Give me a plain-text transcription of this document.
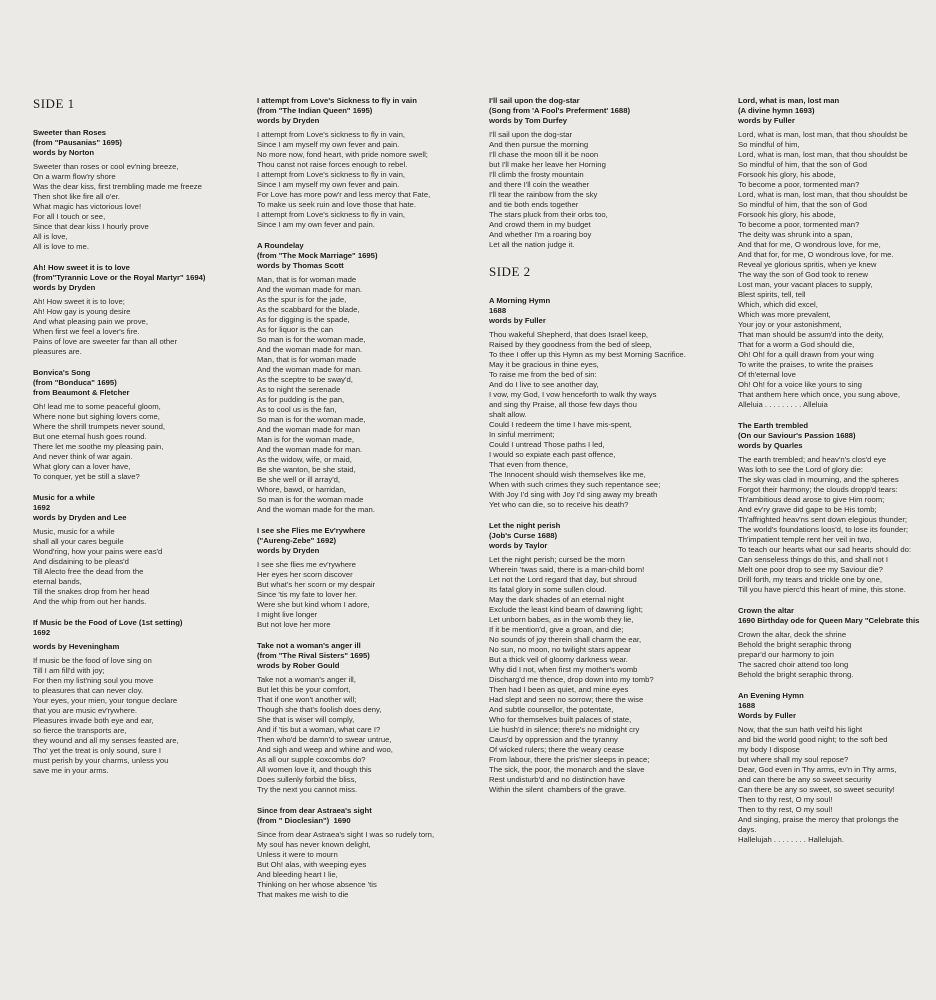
SIDE 1
Sweeter than Roses
(from "Pausanias" 1695)
words by Norton
Sweeter than roses or cool ev'ning breeze,
On a warm flow'ry shore
Was the dear kiss, first trembling made me freeze
Then shot like fire all o'er.
What magic has victorious love!
For all I touch or see,
Since that dear kiss I hourly prove
All is love,
All is love to me.
Ah! How sweet it is to love
(from"Tyrannic Love or the Royal Martyr" 1694)
words by Dryden
Ah! How sweet it is to love;
Ah! How gay is young desire
And what pleasing pain we prove,
When first we feel a lover's fire.
Pains of love are sweeter far than all other
pleasures are.
Bonvica's Song
(from "Bonduca" 1695)
from Beaumont & Fletcher
Oh! lead me to some peaceful gloom,
Where none but sighing lovers come,
Where the shrill trumpets never sound,
But one eternal hush goes round.
There let me soothe my pleasing pain,
And never think of war again.
What glory can a lover have,
To conquer, yet be still a slave?
Music for a while
1692
words by Dryden and Lee
Music, music for a while
shall all your cares beguile
Wond'ring, how your pains were eas'd
And disdaining to be pleas'd
Till Alecto free the dead from the
eternal bands,
Till the snakes drop from her head
And the whip from out her hands.
If Music be the Food of Love (1st setting)
1692
words by Heveningham
If music be the food of love sing on
Till I am fill'd with joy;
For then my list'ning soul you move
to pleasures that can never cloy.
Your eyes, your mien, your tongue declare
that you are music ev'rywhere.
Pleasures invade both eye and ear,
so fierce the transports are,
they wound and all my senses feasted are,
Tho' yet the treat is only sound, sure I
must perish by your charms, unless you
save me in your arms.
I attempt from Love's Sickness to fly in vain
(from "The Indian Queen" 1695)
words by Dryden
I attempt from Love's sickness to fly in vain,
Since I am myself my own fever and pain.
No more now, fond heart, with pride nomore swell;
Thou canst not raise forces enough to rebel.
I attempt from Love's sickness to fly in vain,
Since I am myself my own fever and pain.
For Love has more pow'r and less mercy that Fate,
To make us seek ruin and love those that hate.
I attempt from Love's sickness to fly in vain,
Since I am my own fever and pain.
A Roundelay
(from "The Mock Marriage" 1695)
words by Thomas Scott
Man, that is for woman made
And the woman made for man.
As the spur is for the jade,
As the scabbard for the blade,
As for digging is the spade,
As for liquor is the can
So man is for the woman made,
And the woman made for man.
Man, that is for woman made
And the woman made for man.
As the sceptre to be sway'd,
As to night the serenade
As for pudding is the pan,
As to cool us is the fan,
So man is for the woman made,
And the woman made for man
Man is for the woman made,
And the woman made for man.
As the widow, wife, or maid,
Be she wanton, be she staid,
Be she well or ill array'd,
Whore, bawd, or harridan,
So man is for the woman made
And the woman made for the man.
I see she Flies me Ev'rywhere
("Aureng-Zebe" 1692)
words by Dryden
I see she flies me ev'rywhere
Her eyes her scorn discover
But what's her scorn or my despair
Since 'tis my fate to lover her.
Were she but kind whom I adore,
I might live longer
But not love her more
Take not a woman's anger ill
(from "The Rival Sisters" 1695)
wrods by Rober Gould
Take not a woman's anger ill,
But let this be your comfort,
That if one won't another will;
Though she that's foolish does deny,
She that is wiser will comply,
And if 'tis but a woman, what care I?
Then who'd be damn'd to swear untrue,
And sigh and weep and whine and woo,
As all our supple coxcombs do?
All women love it, and though this
Does sullenly forbid the bliss,
Try the next you cannot miss.
Since from dear Astraea's sight
(from " Dioclesian")  1690
Since from dear Astraea's sight I was so rudely torn,
My soul has never known delight,
Unless it were to mourn
But Oh! alas, with weeping eyes
And bleeding heart I lie,
Thinking on her whose absence 'tis
That makes me wish to die
I'll sail upon the dog-star
(Song from 'A Fool's Preferment' 1688)
words by Tom Durfey
I'll sail upon the dog-star
And then pursue the morning
I'll chase the moon till it be noon
but I'll make her leave her Horning
I'll climb the frosty mountain
and there I'll coin the weather
I'll tear the rainbow from the sky
and tie both ends together
The stars pluck from their orbs too,
And crowd them in my budget
And whether I'm a roaring boy
Let all the nation judge it.
SIDE 2
A Morning Hymn
1688
words by Fuller
Thou wakeful Shepherd, that does Israel keep,
Raised by they goodness from the bed of sleep,
To thee I offer up this Hymn as my best Morning Sacrifice.
May it be gracious in thine eyes,
To raise me from the bed of sin:
And do I live to see another day,
I vow, my God, I vow henceforth to walk thy ways
and sing thy Praise, all those few days thou
shalt allow.
Could I redeem the time I have mis-spent,
In sinful merriment;
Could I untread Those paths I led,
I would so expiate each past offence,
That even from thence,
The Innocent should wish themselves like me,
When with such crimes they such repentance see;
With Joy I'd sing with Joy I'd sing away my breath
Yet who can die, so to receive his death?
Let the night perish
(Job's Curse 1688)
words by Taylor
Let the night perish; cursed be the morn
Wherein 'twas said, there is a man-child born!
Let not the Lord regard that day, but shroud
Its fatal glory in some sullen cloud.
May the dark shades of an eternal night
Exclude the least kind beam of dawning light;
Let unborn babes, as in the womb they lie,
If it be mention'd, give a groan, and die;
No sounds of joy therein shall charm the ear,
No sun, no moon, no twilight stars appear
But a thick veil of gloomy darkness wear.
Why did I not, when first my mother's womb
Discharg'd me thence, drop down into my tomb?
Then had I been as quiet, and mine eyes
Had slept and seen no sorrow; there the wise
And subtle counsellor, the potentate,
Who for themselves built palaces of state,
Lie hush'd in silence; there's no midnight cry
Caus'd by oppression and the tyranny
Of wicked rulers; there the weary cease
From labour, there the pris'ner sleeps in peace;
The sick, the poor, the monarch and the slave
Rest undisturb'd and no distinction have
Within the silent  chambers of the grave.
Lord, what is man, lost man
(A divine hymn 1693)
words by Fuller
Lord, what is man, lost man, that thou shouldst be
So mindful of him,
Lord, what is man, lost man, that thou shouldst be
So mindful of him, that the son of God
Forsook his glory, his abode,
To become a poor, tormented man?
Lord, what is man, lost man, that thou shouldst be
So mindful of him, that the son of God
Forsook his glory, his abode,
To become a poor, tormented man?
The deity was shrunk into a span,
And that for me, O wondrous love, for me,
And that for, for me, O wondrous love, for me.
Reveal ye glorious spritis, when ye knew
The way the son of God took to renew
Lost man, your vacant places to supply,
Blest spirits, tell, tell
Which, which did excel,
Which was more prevalent,
Your joy or your astonishment,
That man should be assum'd into the deity,
That for a worm a God should die,
Oh! Oh! for a quill drawn from your wing
To write the praises, to write the praises
Of th'eternal love
Oh! Oh! for a voice like yours to sing
That anthem here which once, you sung above,
Alleluia . . . . . . . . . Alleluia
The Earth trembled
(On our Saviour's Passion 1688)
words by Quarles
The earth trembled; and heav'n's clos'd eye
Was loth to see the Lord of glory die:
The sky was clad in mourning, and the spheres
Forgot their harmony; the clouds dropp'd tears:
Th'ambitious dead arose to give Him room;
And ev'ry grave did gape to be His tomb;
Th'affrighted heav'ns sent down elegious thunder;
The world's foundations loos'd, to lose its founder;
Th'impatient temple rent her veil in two,
To teach our hearts what our sad hearts should do:
Can senseless things do this, and shall not I
Melt one poor drop to see my Saviour die?
Drill forth, my tears and trickle one by one,
Till you have pierc'd this heart of mine, this stone.
Crown the altar
1690 Birthday ode for Queen Mary "Celebrate this
Crown the altar, deck the shrine
Behold the bright seraphic throng
prepar'd our harmony to join
The sacred choir attend too long
Behold the bright seraphic throng.
An Evening Hymn
1688
Words by Fuller
Now, that the sun hath veil'd his light
and bid the world good night; to the soft bed
my body I dispose
but where shall my soul repose?
Dear, God even in Thy arms, ev'n in Thy arms,
and can there be any so sweet security
Can there be any so sweet, so sweet security!
Then to thy rest, O my soul!
Then to thy rest, O my soul!
And singing, praise the mercy that prolongs the
days.
Hallelujah . . . . . . . . Hallelujah.
